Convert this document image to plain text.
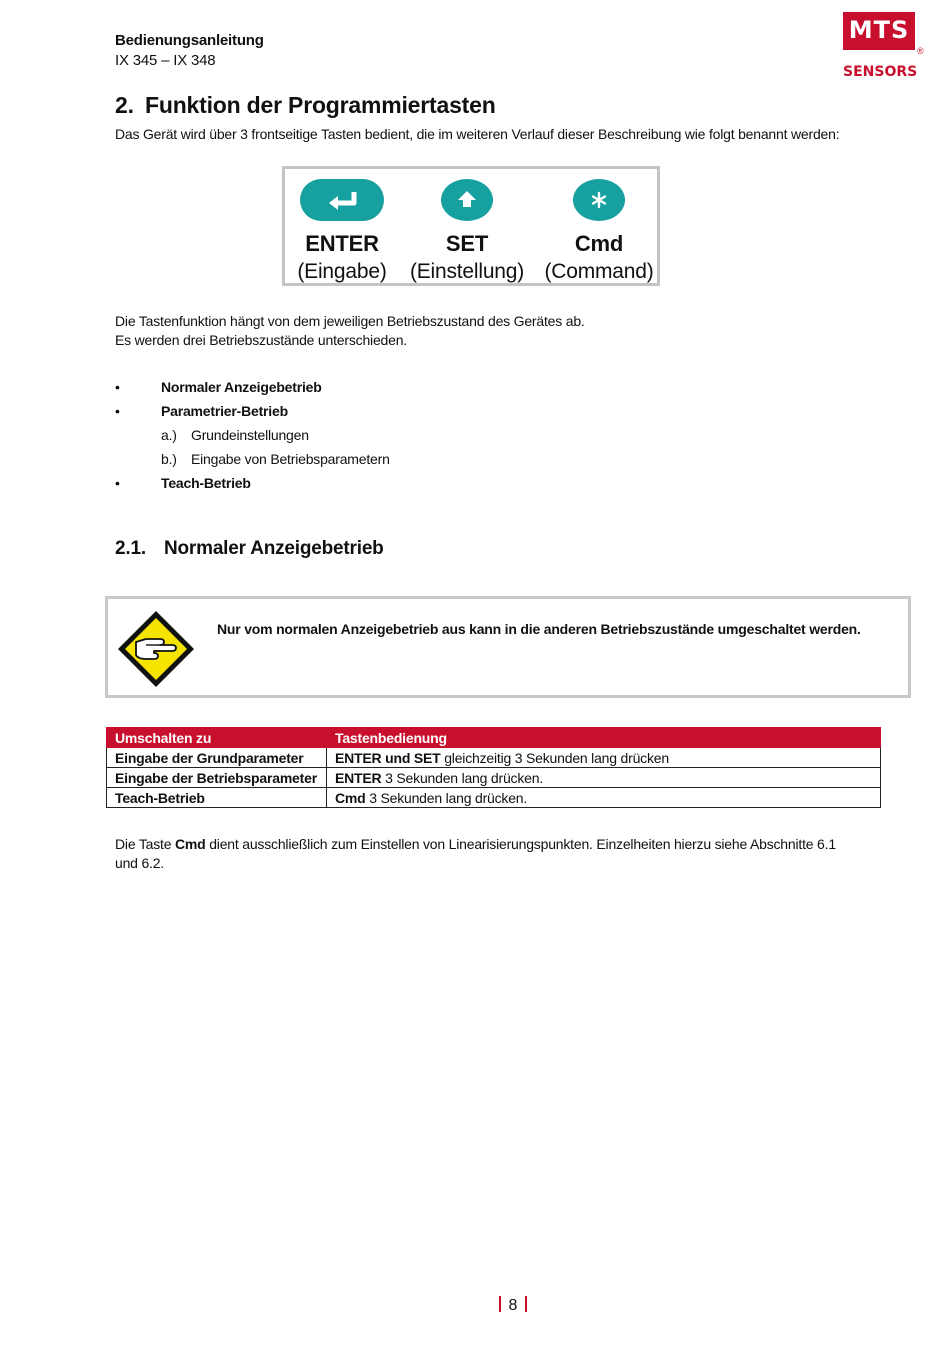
Bedienungsanleitung
IX 345 – IX 348
MTS
®
SENSORS
2. Funktion der Programmiertasten
Das Gerät wird über 3 frontseitige Tasten bedient, die im weiteren Verlauf dieser Beschreibung wie folgt benannt werden:
ENTER
(Eingabe)
SET
(Einstellung)
Cmd
(Command)
Die Tastenfunktion hängt von dem jeweiligen Betriebszustand des Gerätes ab.
Es werden drei Betriebszustände unterschieden.
•	Normaler Anzeigebetrieb
•	Parametrier-Betrieb
a.) Grundeinstellungen
b.) Eingabe von Betriebsparametern
•	Teach-Betrieb
2.1. Normaler Anzeigebetrieb
Nur vom normalen Anzeigebetrieb aus kann in die anderen Betriebszustände umgeschaltet werden.
Umschalten zu	Tastenbedienung
Eingabe der Grundparameter	ENTER und SET gleichzeitig 3 Sekunden lang drücken
Eingabe der Betriebsparameter	ENTER 3 Sekunden lang drücken.
Teach-Betrieb	Cmd 3 Sekunden lang drücken.
Die Taste Cmd dient ausschließlich zum Einstellen von Linearisierungspunkten. Einzelheiten hierzu siehe Abschnitte 6.1
und 6.2.
8
